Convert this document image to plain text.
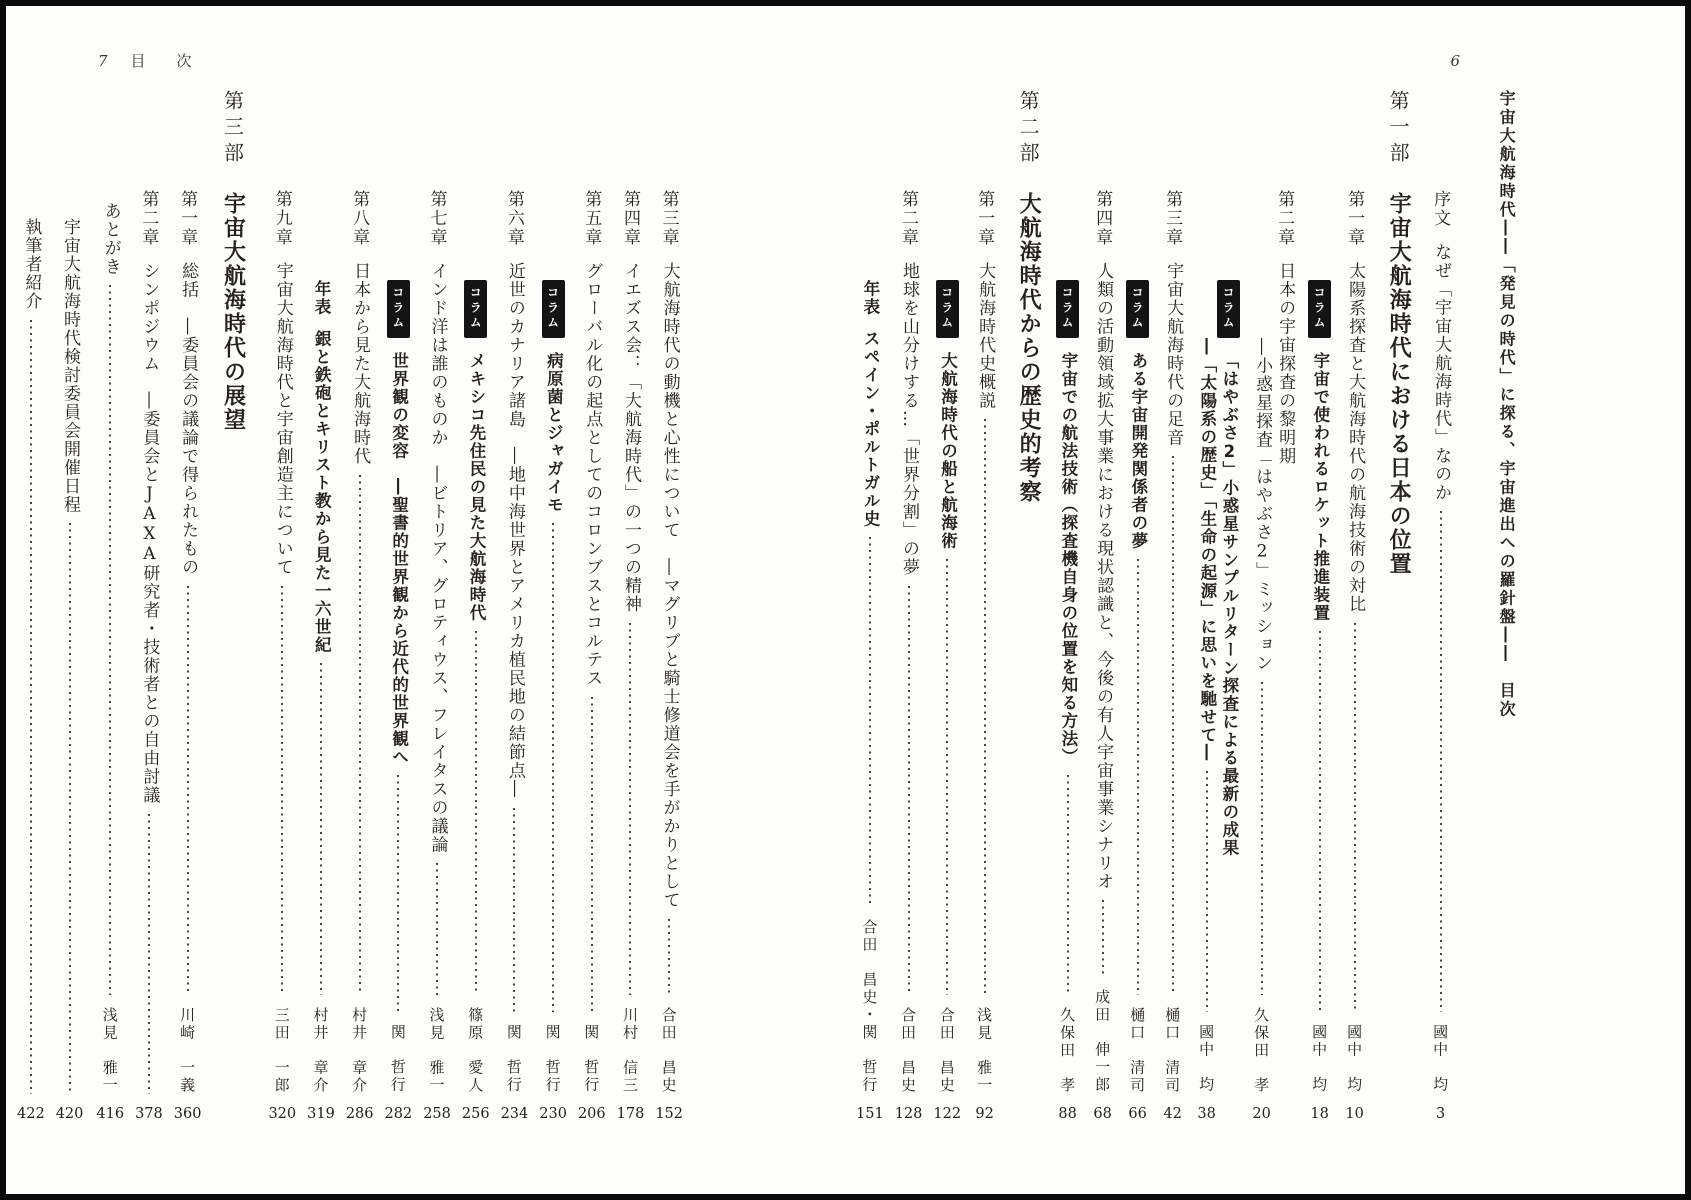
7 目　次
第三章
大航海時代の動機と心性について　―マグリブと騎士修道会を手がかりとして
合田　昌史
152
第四章
イエズス会：「大航海時代」の一つの精神
川村　信三
178
第五章
グローバル化の起点としてのコロンブスとコルテス
関　哲行
206
コラム
病原菌とジャガイモ
関　哲行
230
第六章
近世のカナリア諸島　―地中海世界とアメリカ植民地の結節点―
関　哲行
234
コラム
メキシコ先住民の見た大航海時代
篠原　愛人
256
第七章
インド洋は誰のものか　―ビトリア、グロティウス、フレイタスの議論
浅見　雅一
258
コラム
世界観の変容　―聖書的世界観から近代的世界観へ
関　哲行
282
第八章
日本から見た大航海時代
村井　章介
286
年表
銀と鉄砲とキリスト教から見た一六世紀
村井　章介
319
第九章
宇宙大航海時代と宇宙創造主について
三田　一郎
320
第三部
宇宙大航海時代の展望
第一章
総括　―委員会の議論で得られたもの
川崎　一義
360
第二章
シンポジウム　―委員会とJAXA研究者・技術者との自由討議
378
あとがき
浅見　雅一
416
宇宙大航海時代検討委員会開催日程
420
執筆者紹介
422
6
宇宙大航海時代――「発見の時代」に探る、宇宙進出への羅針盤――　目次
序文
なぜ「宇宙大航海時代」なのか
國中　均
3
第一部
宇宙大航海時代における日本の位置
第一章
太陽系探査と大航海時代の航海技術の対比
國中　均
10
コラム
宇宙で使われるロケット推進装置
國中　均
18
第二章
日本の宇宙探査の黎明期
―小惑星探査「はやぶさ2」ミッション
久保田　孝
20
コラム
「はやぶさ2」小惑星サンプルリターン探査による最新の成果
―「太陽系の歴史」「生命の起源」に思いを馳せて―
國中　均
38
第三章
宇宙大航海時代の足音
樋口　清司
42
コラム
ある宇宙開発関係者の夢
樋口　清司
66
第四章
人類の活動領域拡大事業における現状認識と、今後の有人宇宙事業シナリオ
成田　伸一郎
68
コラム
宇宙での航法技術（探査機自身の位置を知る方法）
久保田　孝
88
第二部
大航海時代からの歴史的考察
第一章
大航海時代史概説
浅見　雅一
92
コラム
大航海時代の船と航海術
合田　昌史
122
第二章
地球を山分けする…「世界分割」の夢
合田　昌史
128
年表
スペイン・ポルトガル史
合田　昌史・関　哲行
151
